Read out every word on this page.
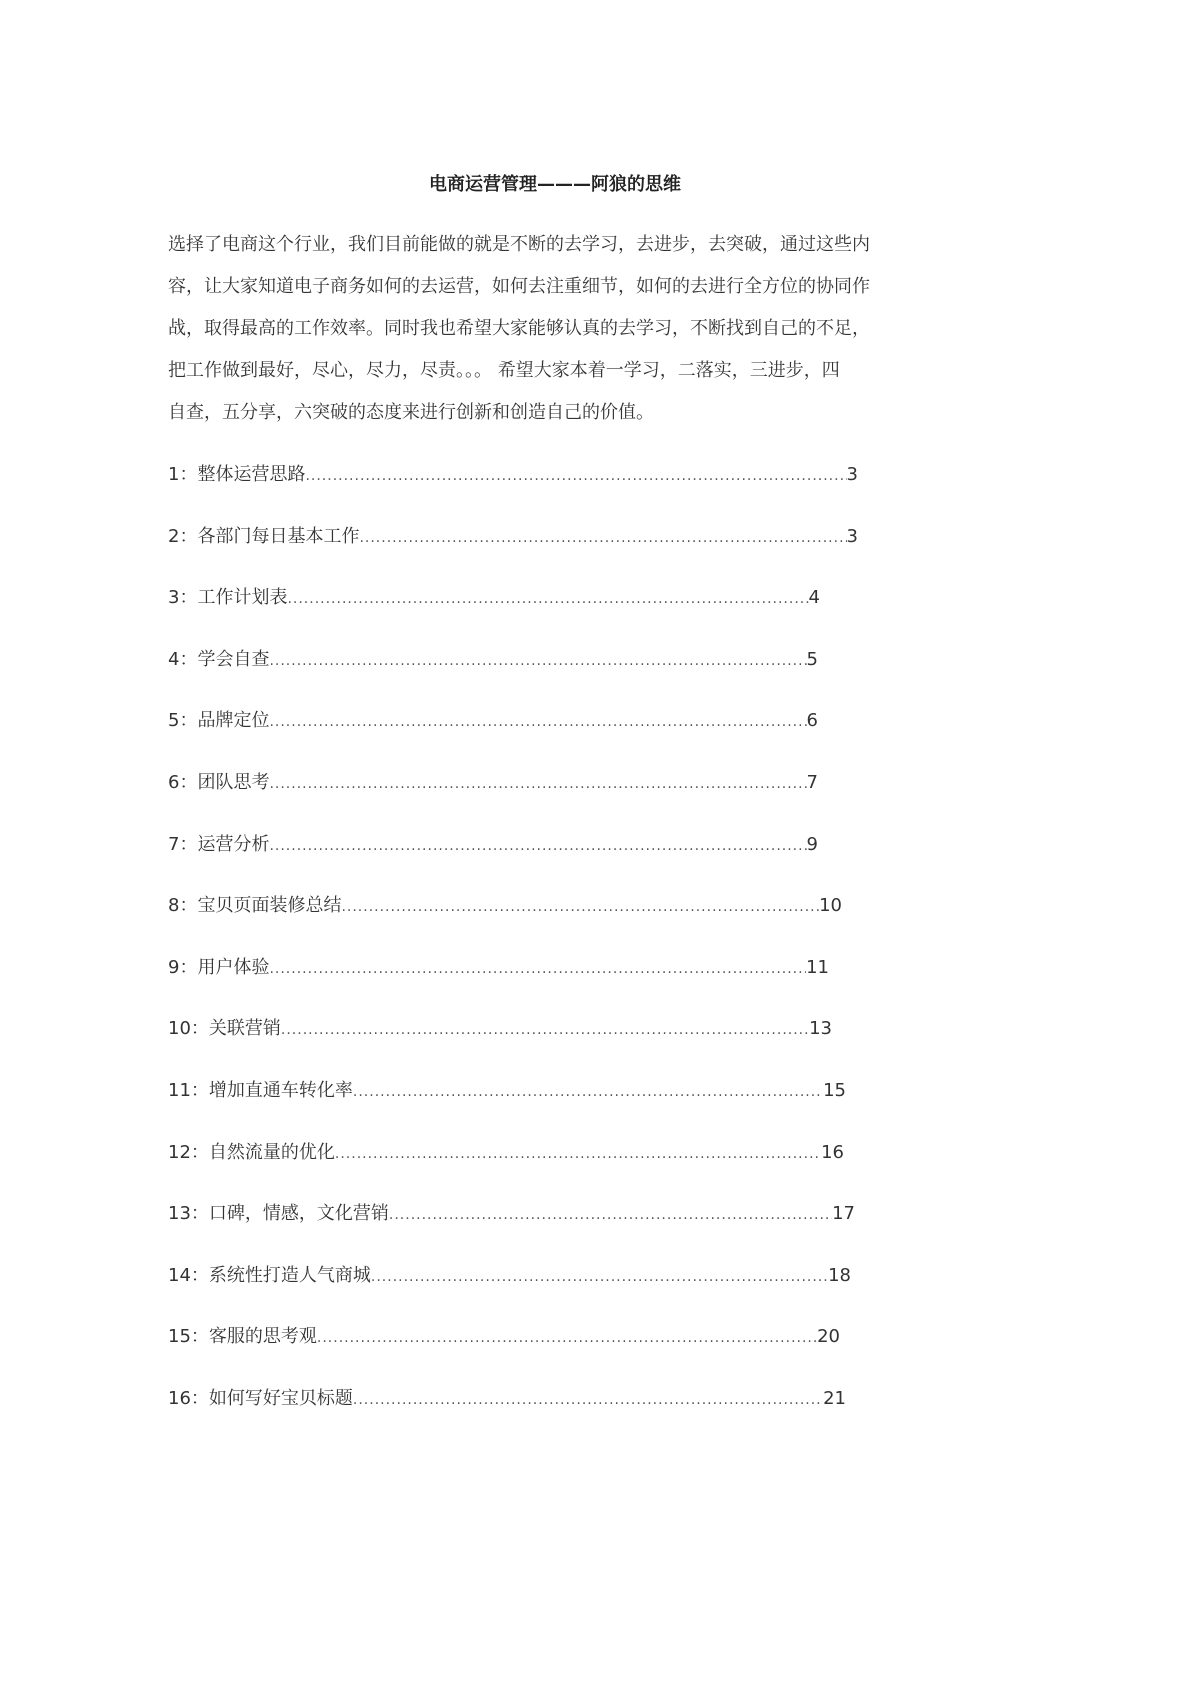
电商运营管理———阿狼的思维
选择了电商这个行业，我们目前能做的就是不断的去学习，去进步，去突破，通过这些内
容，让大家知道电子商务如何的去运营，如何去注重细节，如何的去进行全方位的协同作
战，取得最高的工作效率。同时我也希望大家能够认真的去学习，不断找到自己的不足，
把工作做到最好，尽心，尽力，尽责。。。 希望大家本着一学习，二落实，三进步，四
自查，五分享，六突破的态度来进行创新和创造自己的价值。
1：整体运营思路 .....	3
2：各部门每日基本工作 .....	3
3：工作计划表 .....	4
4：学会自查 .....	5
5：品牌定位 .....	6
6：团队思考 .....	7
7：运营分析 .....	9
8：宝贝页面装修总结 .....	10
9：用户体验 .....	11
10：关联营销 .....	13
11：增加直通车转化率 .....	15
12：自然流量的优化 .....	16
13：口碑，情感，文化营销 .....	17
14：系统性打造人气商城 .....	18
15：客服的思考观 .....	20
16：如何写好宝贝标题 .....	21
